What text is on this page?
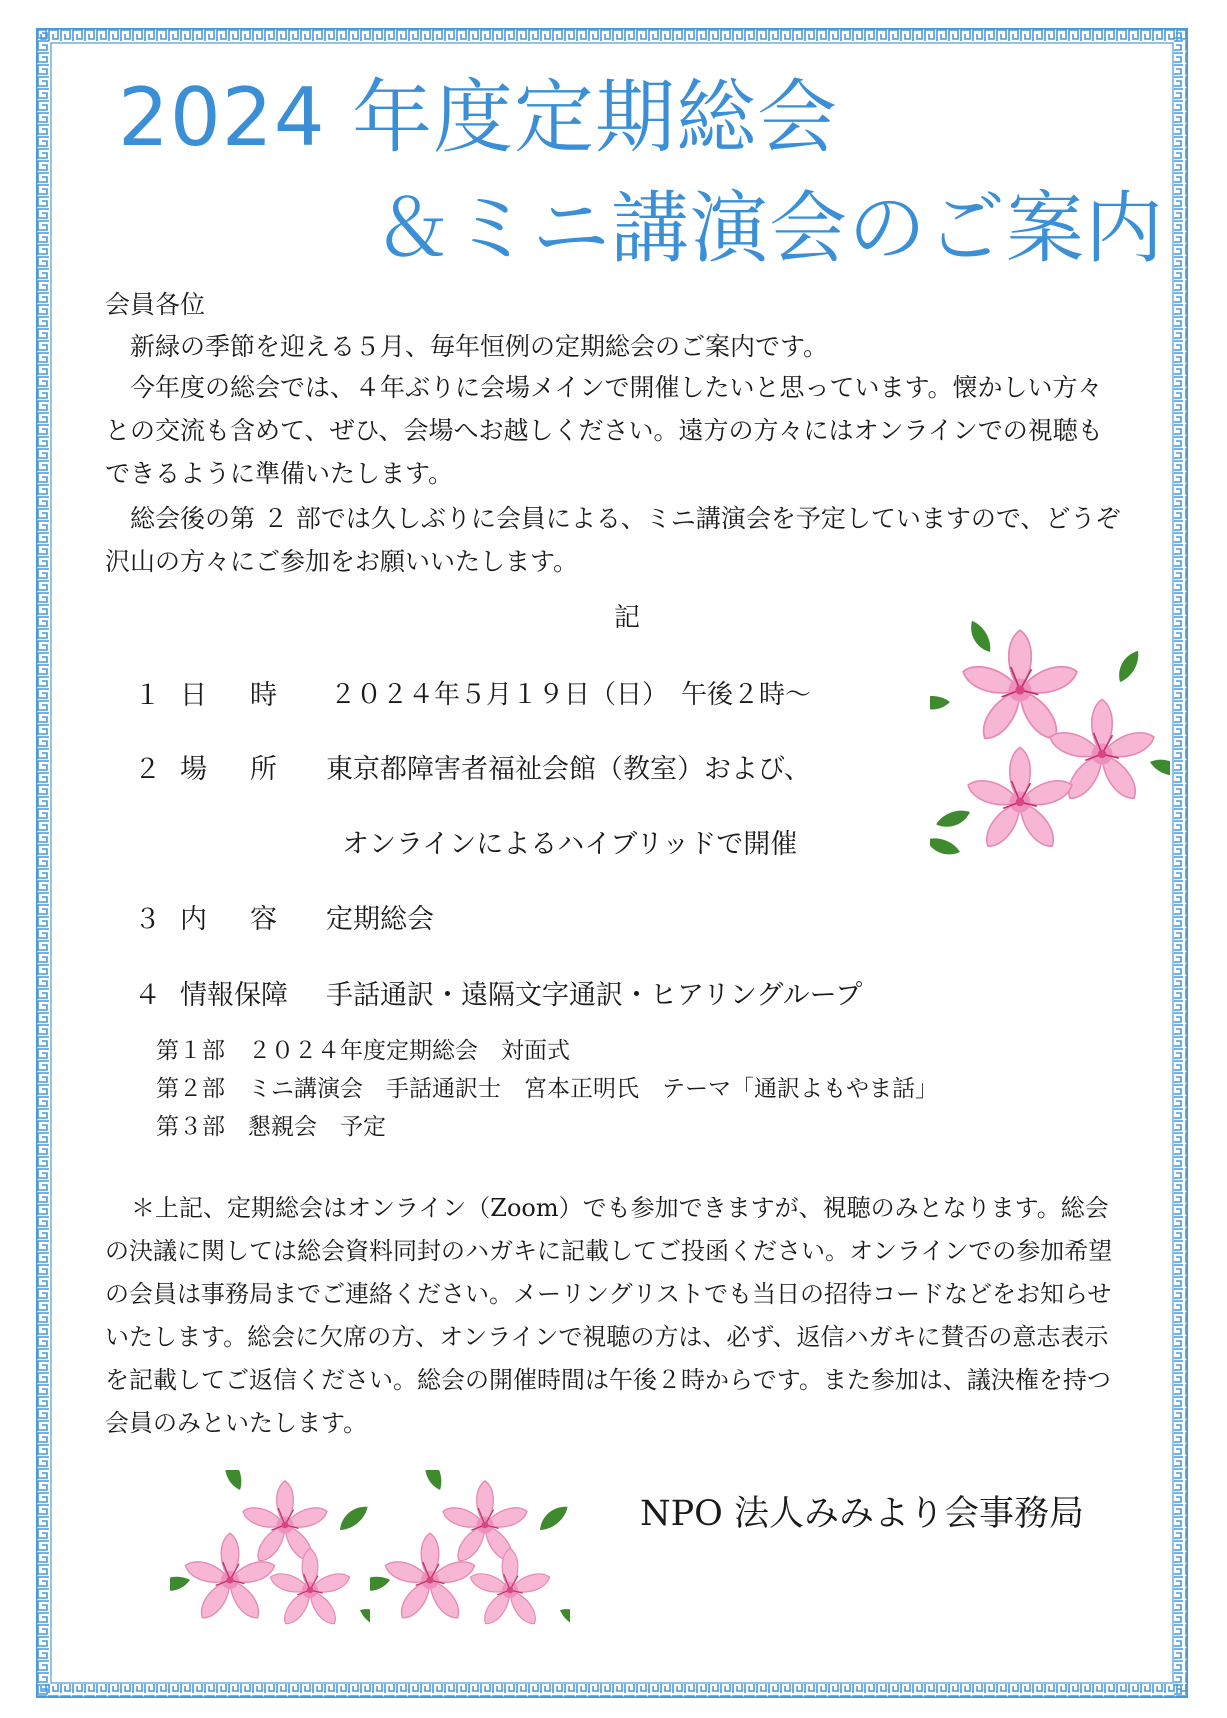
2024 年度定期総会
＆ミニ講演会のご案内
会員各位

新緑の季節を迎える５月、毎年恒例の定期総会のご案内です。

今年度の総会では、４年ぶりに会場メインで開催したいと思っています。懐かしい方々との交流も含めて、ぜひ、会場へお越しください。遠方の方々にはオンラインでの視聴もできるように準備いたします。

総会後の第 ２ 部では久しぶりに会員による、ミニ講演会を予定していますので、どうぞ沢山の方々にご参加をお願いいたします。

記
１ 日　時 ２０２４年５月１９日（日）　午後２時～
２ 場　所 東京都障害者福祉会館（教室）および、
オンラインによるハイブリッドで開催
３ 内　容 定期総会
４ 情報保障 手話通訳・遠隔文字通訳・ヒアリングループ
第１部　２０２４年度定期総会　対面式
第２部　ミニ講演会　手話通訳士　宮本正明氏　テーマ「通訳よもやま話」
第３部　懇親会　予定

＊上記、定期総会はオンライン（Zoom）でも参加できますが、視聴のみとなります。総会の決議に関しては総会資料同封のハガキに記載してご投函ください。オンラインでの参加希望の会員は事務局までご連絡ください。メーリングリストでも当日の招待コードなどをお知らせいたします。総会に欠席の方、オンラインで視聴の方は、必ず、返信ハガキに賛否の意志表示を記載してご返信ください。総会の開催時間は午後２時からです。また参加は、議決権を持つ会員のみといたします。

NPO 法人みみより会事務局
